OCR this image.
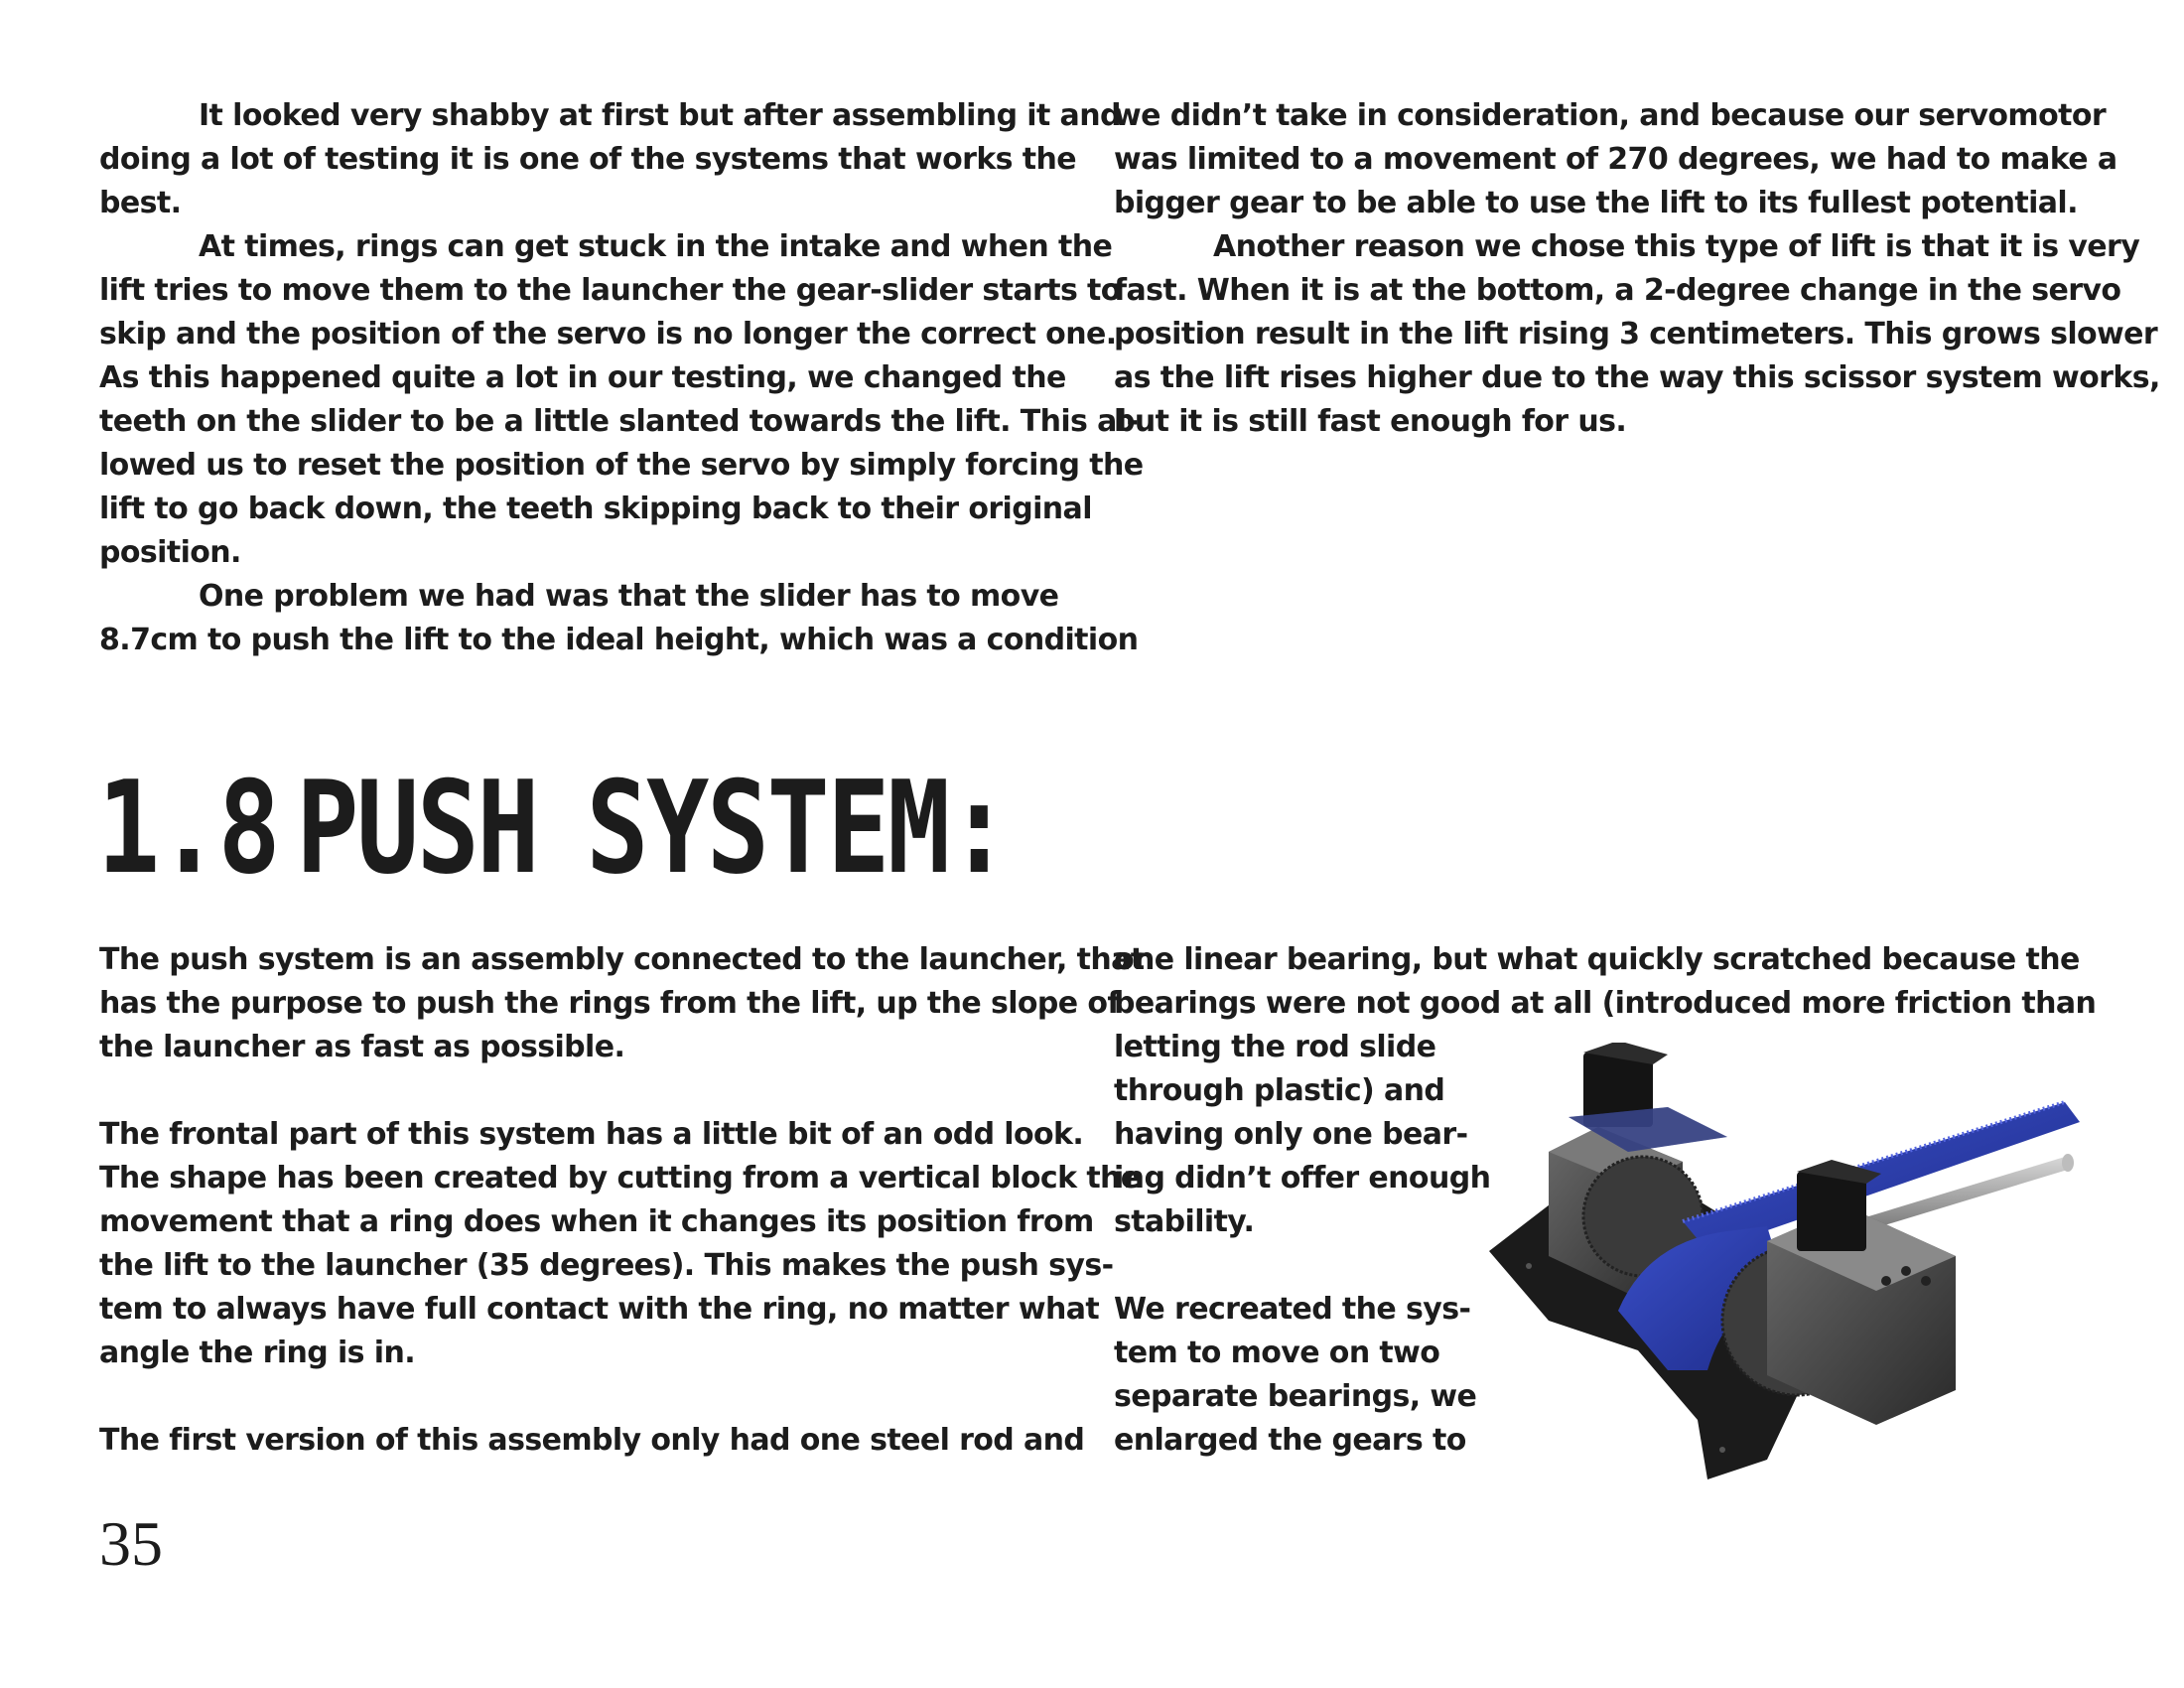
It looked very shabby at first but after assembling it and
doing a lot of testing it is one of the systems that works the
best.
At times, rings can get stuck in the intake and when the
lift tries to move them to the launcher the gear-slider starts to
skip and the position of the servo is no longer the correct one.
As this happened quite a lot in our testing, we changed the
teeth on the slider to be a little slanted towards the lift. This al-
lowed us to reset the position of the servo by simply forcing the
lift to go back down, the teeth skipping back to their original
position.
One problem we had was that the slider has to move
8.7cm to push the lift to the ideal height, which was a condition
we didn’t take in consideration, and because our servomotor
was limited to a movement of 270 degrees, we had to make a
bigger gear to be able to use the lift to its fullest potential.
Another reason we chose this type of lift is that it is very
fast. When it is at the bottom, a 2-degree change in the servo
position result in the lift rising 3 centimeters. This grows slower
as the lift rises higher due to the way this scissor system works,
but it is still fast enough for us.
1.8 PUSH SYSTEM:
The push system is an assembly connected to the launcher, that
has the purpose to push the rings from the lift, up the slope of
the launcher as fast as possible.
The frontal part of this system has a little bit of an odd look.
The shape has been created by cutting from a vertical block the
movement that a ring does when it changes its position from
the lift to the launcher (35 degrees). This makes the push sys-
tem to always have full contact with the ring, no matter what
angle the ring is in.
The first version of this assembly only had one steel rod and
one linear bearing, but what quickly scratched because the
bearings were not good at all (introduced more friction than
letting the rod slide
through plastic) and
having only one bear-
ing didn’t offer enough
stability.
We recreated the sys-
tem to move on two
separate bearings, we
enlarged the gears to
35
